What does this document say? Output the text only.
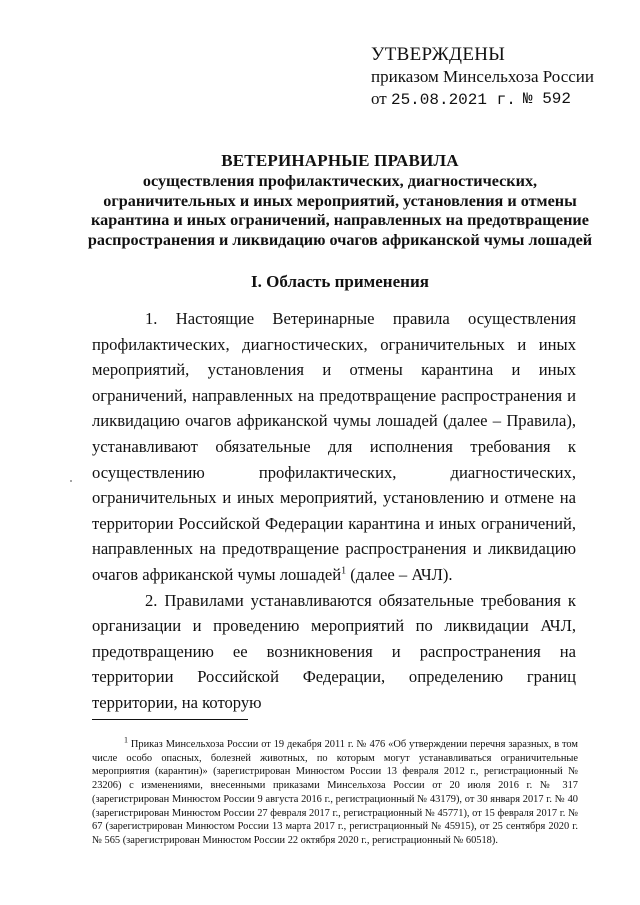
УТВЕРЖДЕНЫ
приказом Минсельхоза России
от 25.08.2021 г. № 592
ВЕТЕРИНАРНЫЕ ПРАВИЛА
осуществления профилактических, диагностических,
ограничительных и иных мероприятий, установления и отмены
карантина и иных ограничений, направленных на предотвращение
распространения и ликвидацию очагов африканской чумы лошадей
I. Область применения

1. Настоящие Ветеринарные правила осуществления профилактических, диагностических, ограничительных и иных мероприятий, установления и отмены карантина и иных ограничений, направленных на предотвращение распространения и ликвидацию очагов африканской чумы лошадей (далее – Правила), устанавливают обязательные для исполнения требования к осуществлению профилактических, диагностических, ограничительных и иных мероприятий, установлению и отмене на территории Российской Федерации карантина и иных ограничений, направленных на предотвращение распространения и ликвидацию очагов африканской чумы лошадей$^1$ (далее – АЧЛ).

2. Правилами устанавливаются обязательные требования к организации и проведению мероприятий по ликвидации АЧЛ, предотвращению ее возникновения и распространения на территории Российской Федерации, определению границ территории, на которую

$^1$ Приказ Минсельхоза России от 19 декабря 2011 г. № 476 «Об утверждении перечня заразных, в том числе особо опасных, болезней животных, по которым могут устанавливаться ограничительные мероприятия (карантин)» (зарегистрирован Минюстом России 13 февраля 2012 г., регистрационный № 23206) с изменениями, внесенными приказами Минсельхоза России от 20 июля 2016 г. № 317 (зарегистрирован Минюстом России 9 августа 2016 г., регистрационный № 43179), от 30 января 2017 г. № 40 (зарегистрирован Минюстом России 27 февраля 2017 г., регистрационный № 45771), от 15 февраля 2017 г. № 67 (зарегистрирован Минюстом России 13 марта 2017 г., регистрационный № 45915), от 25 сентября 2020 г. № 565 (зарегистрирован Минюстом России 22 октября 2020 г., регистрационный № 60518).
